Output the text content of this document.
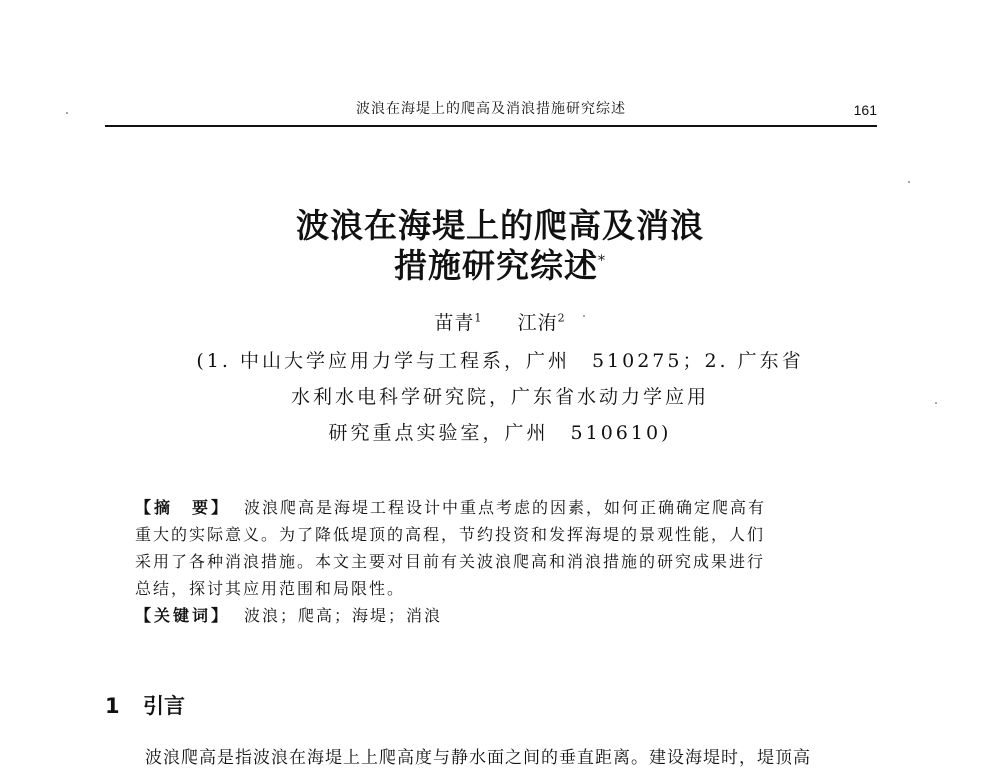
波浪在海堤上的爬高及消浪措施研究综述	161
波浪在海堤上的爬高及消浪
措施研究综述*
苗青$^1$ 江洧$^2$
(1. 中山大学应用力学与工程系，广州　510275；2. 广东省
水利水电科学研究院，广东省水动力学应用
研究重点实验室，广州　510610)
【摘　要】 波浪爬高是海堤工程设计中重点考虑的因素，如何正确确定爬高有
重大的实际意义。为了降低堤顶的高程，节约投资和发挥海堤的景观性能，人们
采用了各种消浪措施。本文主要对目前有关波浪爬高和消浪措施的研究成果进行
总结，探讨其应用范围和局限性。
【关键词】 波浪；爬高；海堤；消浪
1 引言
波浪爬高是指波浪在海堤上上爬高度与静水面之间的垂直距离。建设海堤时，堤顶高
